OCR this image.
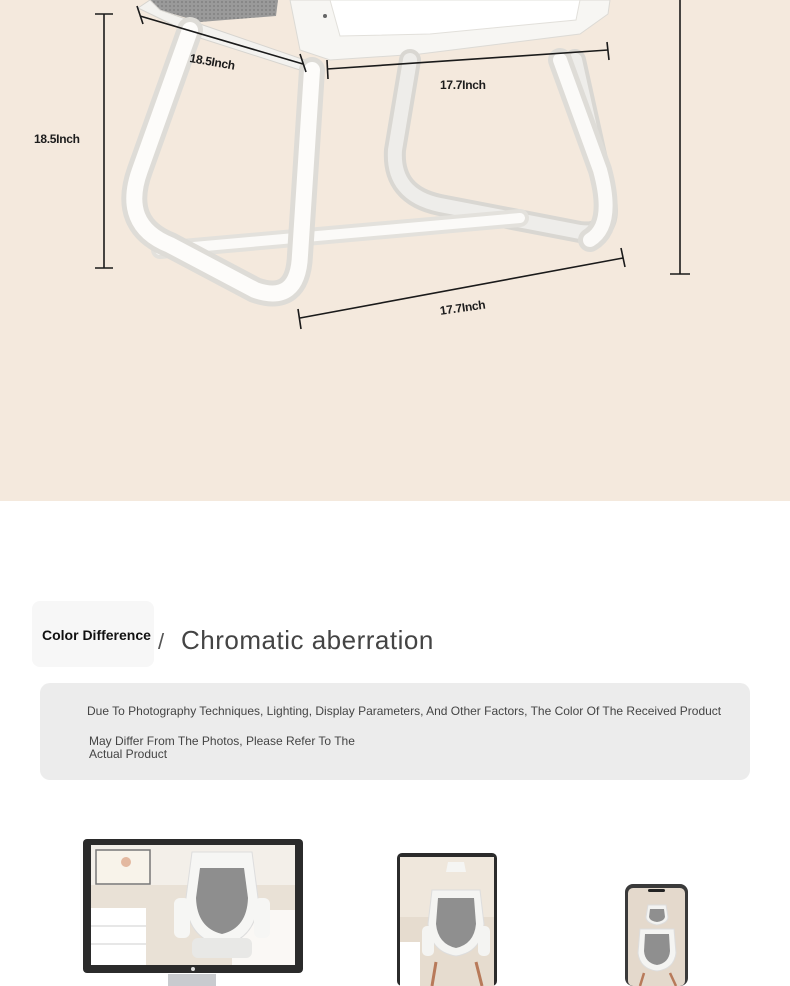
18.5Inch
17.7Inch
18.5Inch
17.7Inch
Color Difference / Chromatic aberration
Due To Photography Techniques, Lighting, Display Parameters, And Other Factors, The Color Of The Received Product
May Differ From The Photos, Please Refer To The Actual Product
